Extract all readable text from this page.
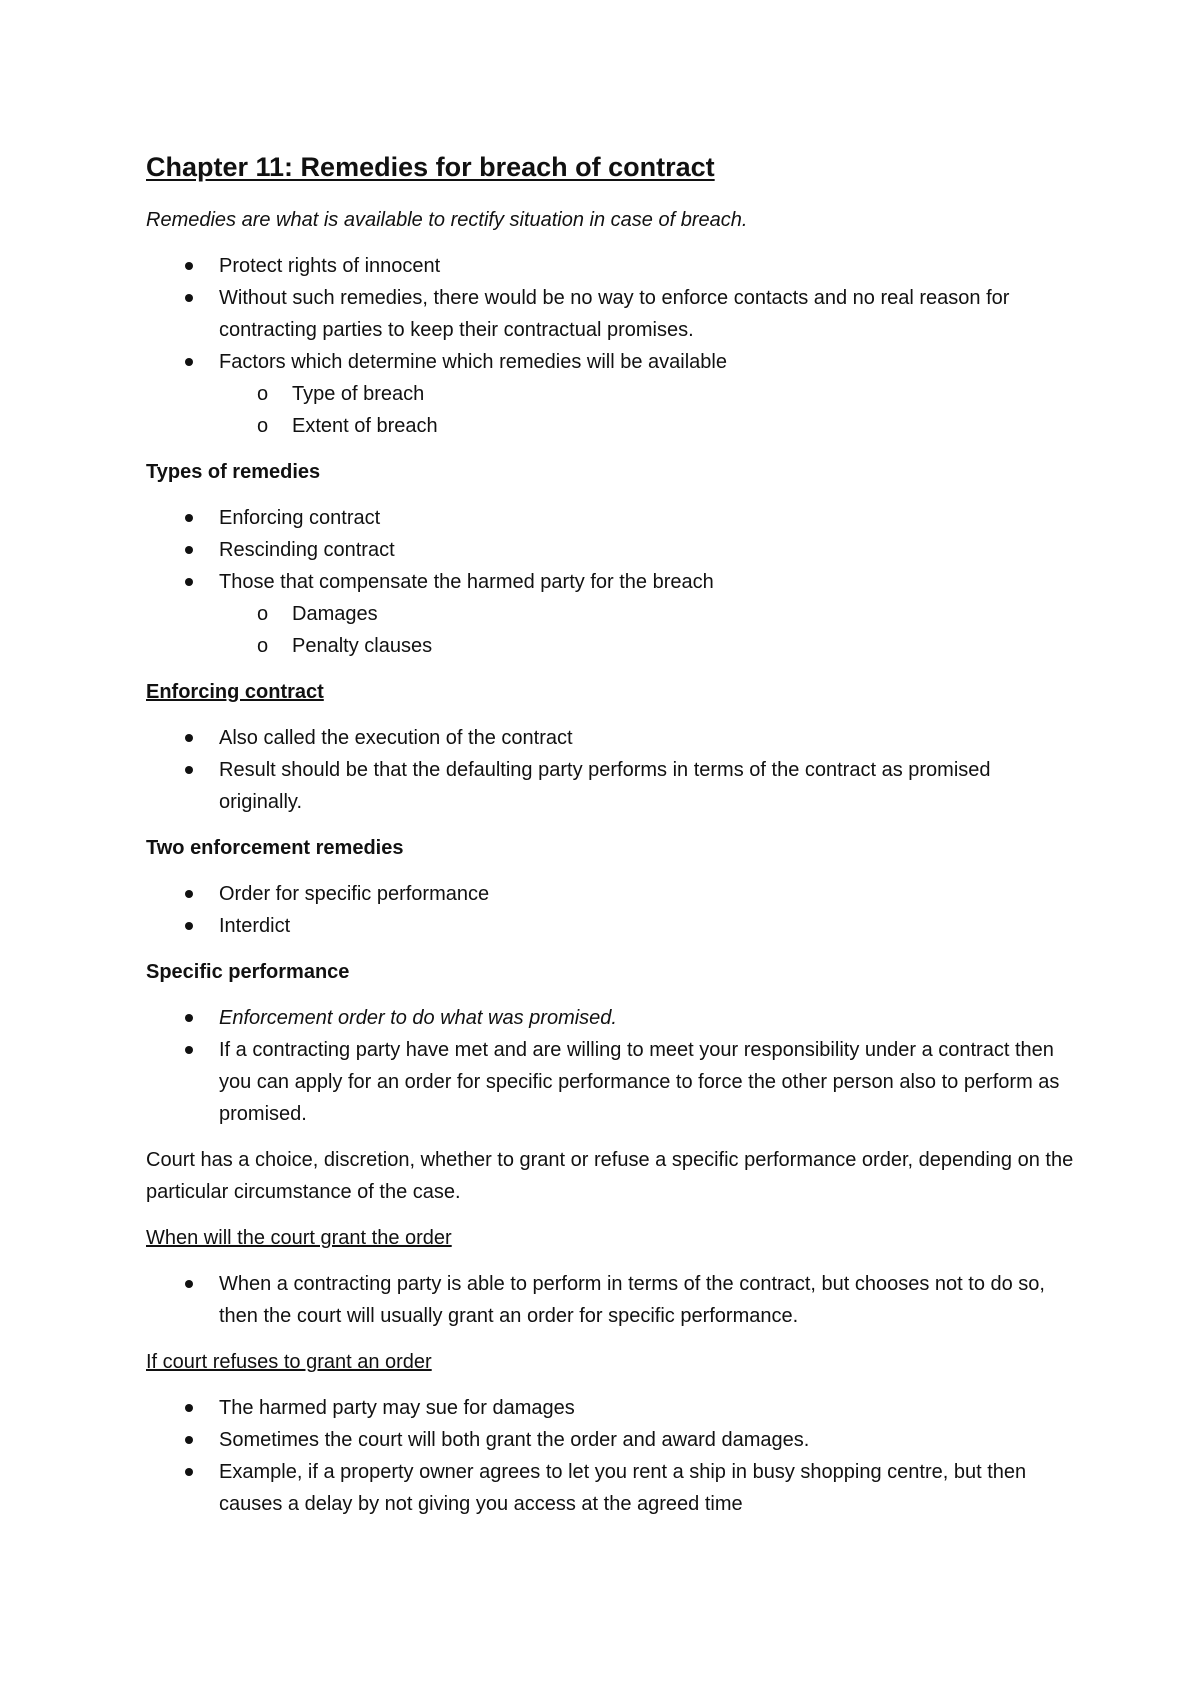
Chapter 11: Remedies for breach of contract

Remedies are what is available to rectify situation in case of breach.

Protect rights of innocent
Without such remedies, there would be no way to enforce contacts and no real reason for contracting parties to keep their contractual promises.
Factors which determine which remedies will be available
o Type of breach
o Extent of breach

Types of remedies

Enforcing contract
Rescinding contract
Those that compensate the harmed party for the breach
o Damages
o Penalty clauses

Enforcing contract

Also called the execution of the contract
Result should be that the defaulting party performs in terms of the contract as promised originally.

Two enforcement remedies

Order for specific performance
Interdict

Specific performance

Enforcement order to do what was promised.
If a contracting party have met and are willing to meet your responsibility under a contract then you can apply for an order for specific performance to force the other person also to perform as promised.

Court has a choice, discretion, whether to grant or refuse a specific performance order, depending on the particular circumstance of the case.

When will the court grant the order

When a contracting party is able to perform in terms of the contract, but chooses not to do so, then the court will usually grant an order for specific performance.

If court refuses to grant an order

The harmed party may sue for damages
Sometimes the court will both grant the order and award damages.
Example, if a property owner agrees to let you rent a ship in busy shopping centre, but then causes a delay by not giving you access at the agreed time
